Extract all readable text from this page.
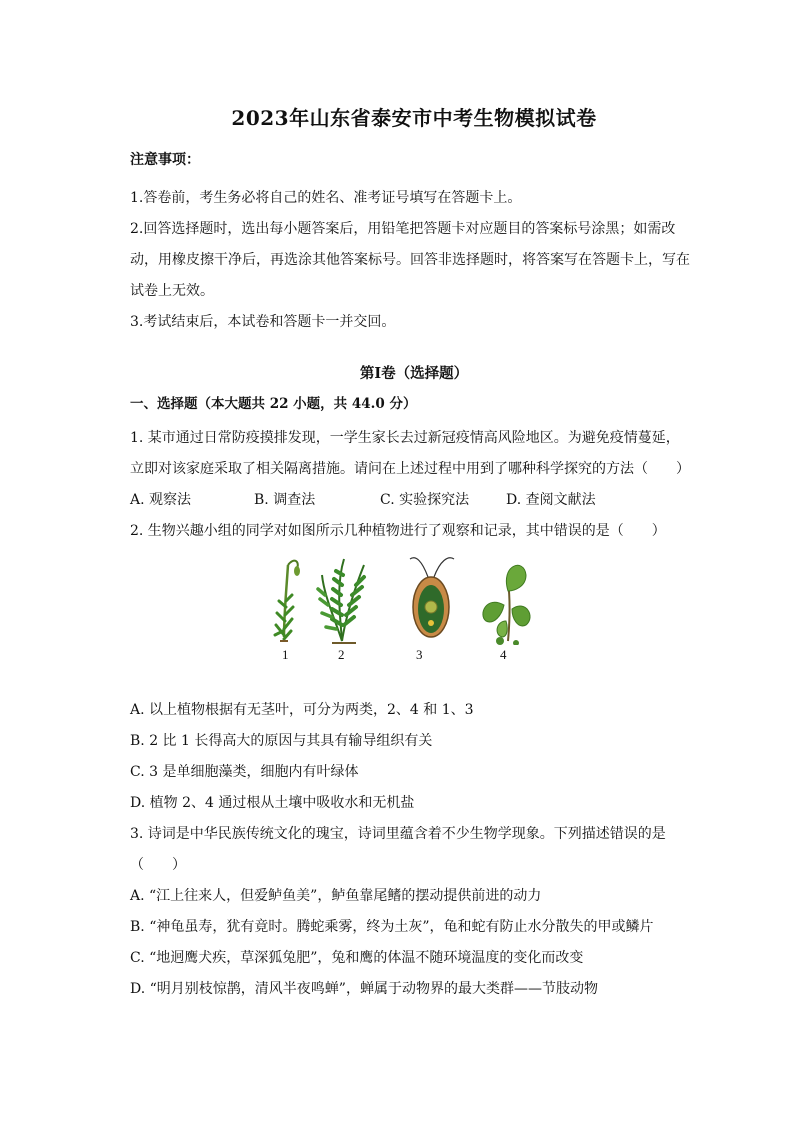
2023年山东省泰安市中考生物模拟试卷
注意事项：

1.答卷前，考生务必将自己的姓名、准考证号填写在答题卡上。

2.回答选择题时，选出每小题答案后，用铅笔把答题卡对应题目的答案标号涂黑；如需改动，用橡皮擦干净后，再选涂其他答案标号。回答非选择题时，将答案写在答题卡上，写在试卷上无效。

3.考试结束后，本试卷和答题卡一并交回。

第Ⅰ卷（选择题）
一、选择题（本大题共 22 小题，共 44.0 分）

1. 某市通过日常防疫摸排发现，一学生家长去过新冠疫情高风险地区。为避免疫情蔓延，

立即对该家庭采取了相关隔离措施。请问在上述过程中用到了哪种科学探究的方法（　　）

A. 观察法	B. 调查法	C. 实验探究法	D. 查阅文献法

2. 生物兴趣小组的同学对如图所示几种植物进行了观察和记录，其中错误的是（　　）

1	2	3	4

A. 以上植物根据有无茎叶，可分为两类，2、4 和 1、3

B. 2 比 1 长得高大的原因与其具有输导组织有关

C. 3 是单细胞藻类，细胞内有叶绿体

D. 植物 2、4 通过根从土壤中吸收水和无机盐

3. 诗词是中华民族传统文化的瑰宝，诗词里蕴含着不少生物学现象。下列描述错误的是

（　　）

A. “江上往来人，但爱鲈鱼美”，鲈鱼靠尾鳍的摆动提供前进的动力

B. “神龟虽寿，犹有竟时。腾蛇乘雾，终为土灰”，龟和蛇有防止水分散失的甲或鳞片

C. “地迥鹰犬疾，草深狐兔肥”，兔和鹰的体温不随环境温度的变化而改变

D. “明月别枝惊鹊，清风半夜鸣蝉”，蝉属于动物界的最大类群——节肢动物
